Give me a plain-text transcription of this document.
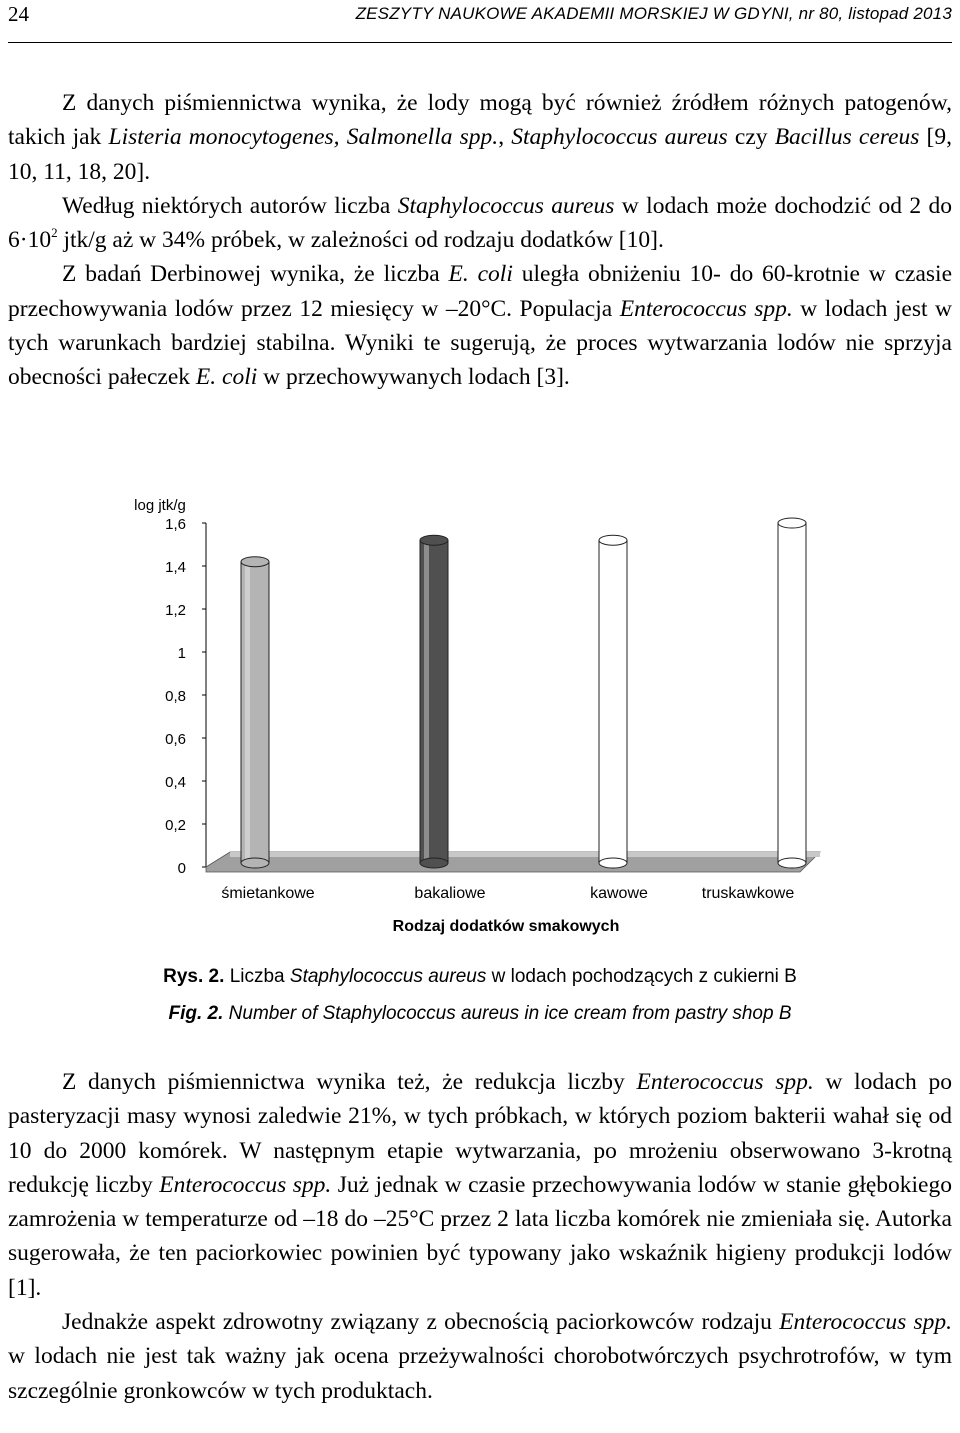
24	ZESZYTY NAUKOWE AKADEMII MORSKIEJ W GDYNI, nr 80, listopad 2013

Z danych piśmiennictwa wynika, że lody mogą być również źródłem różnych patogenów, takich jak Listeria monocytogenes, Salmonella spp., Staphylococcus aureus czy Bacillus cereus [9, 10, 11, 18, 20].

Według niektórych autorów liczba Staphylococcus aureus w lodach może dochodzić od 2 do $6\cdot 10^2$ jtk/g aż w 34% próbek, w zależności od rodzaju dodatków [10].

Z badań Derbinowej wynika, że liczba E. coli uległa obniżeniu 10- do 60-krotnie w czasie przechowywania lodów przez 12 miesięcy w –20°C. Populacja Enterococcus spp. w lodach jest w tych warunkach bardziej stabilna. Wyniki te sugerują, że proces wytwarzania lodów nie sprzyja obecności pałeczek E. coli w przechowywanych lodach [3].

log jtk/g
0
0,2
0,4
0,6
0,8
1
1,2
1,4
1,6
śmietankowe	bakaliowe	kawowe	truskawkowe
Rodzaj dodatków smakowych
Rys. 2. Liczba Staphylococcus aureus w lodach pochodzących z cukierni B
Fig. 2. Number of Staphylococcus aureus in ice cream from pastry shop B

Z danych piśmiennictwa wynika też, że redukcja liczby Enterococcus spp. w lodach po pasteryzacji masy wynosi zaledwie 21%, w tych próbkach, w których poziom bakterii wahał się od 10 do 2000 komórek. W następnym etapie wytwarzania, po mrożeniu obserwowano 3-krotną redukcję liczby Enterococcus spp. Już jednak w czasie przechowywania lodów w stanie głębokiego zamrożenia w temperaturze od –18 do –25°C przez 2 lata liczba komórek nie zmieniała się. Autorka sugerowała, że ten paciorkowiec powinien być typowany jako wskaźnik higieny produkcji lodów [1].

Jednakże aspekt zdrowotny związany z obecnością paciorkowców rodzaju Enterococcus spp. w lodach nie jest tak ważny jak ocena przeżywalności chorobotwórczych psychrotrofów, w tym szczególnie gronkowców w tych produktach.
